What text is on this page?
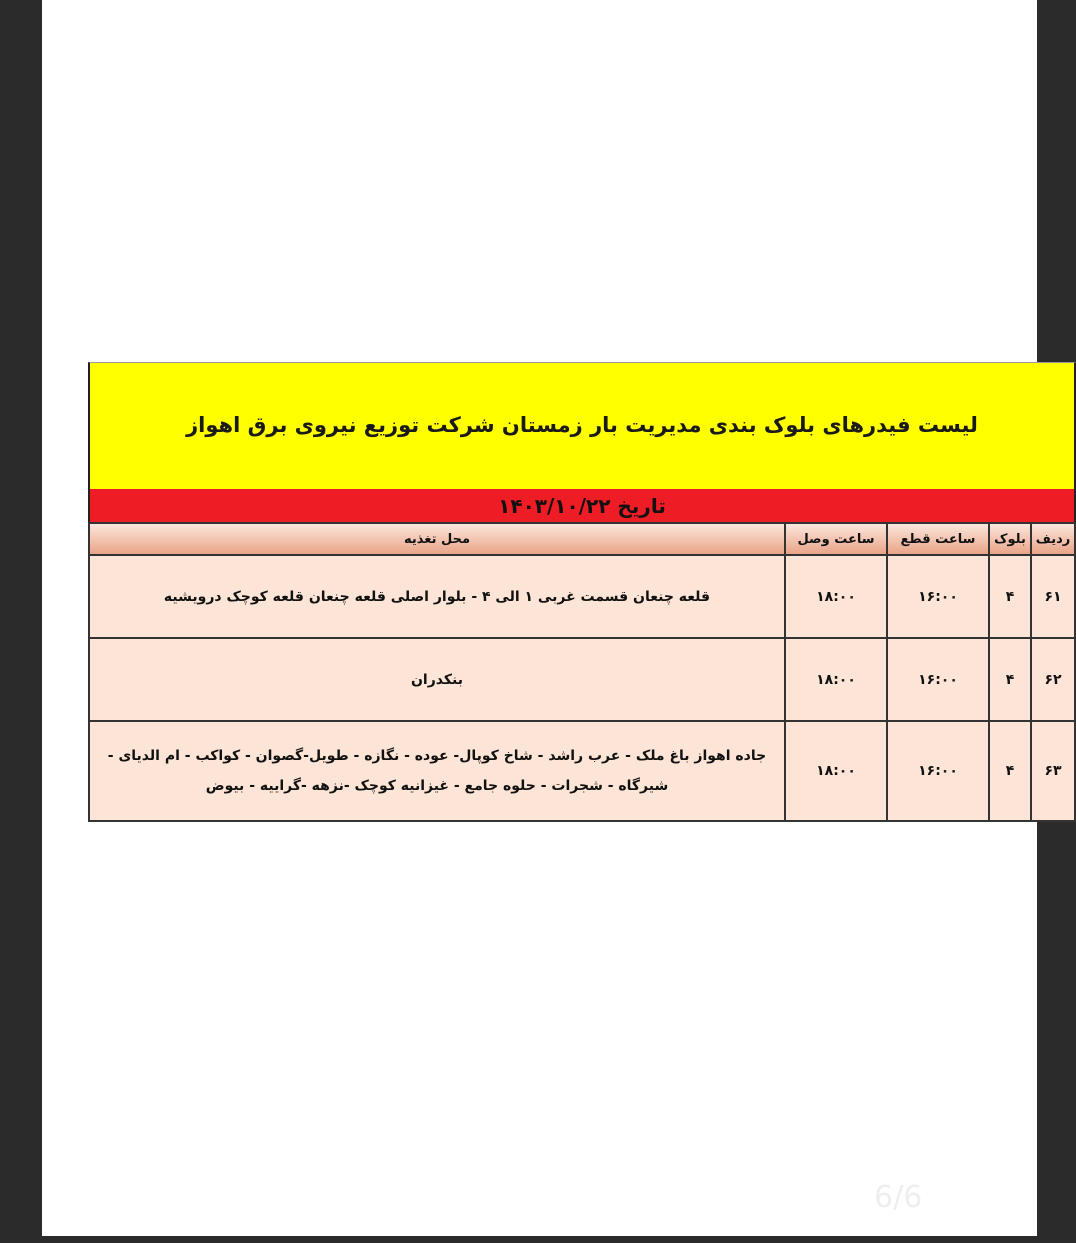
لیست فیدرهای بلوک بندی مدیریت بار زمستان شرکت توزیع نیروی برق اهواز
تاریخ ۱۴۰۳/۱۰/۲۲
ردیف	بلوک	ساعت قطع	ساعت وصل	محل تغذیه
۶۱	۴	۱۶:۰۰	۱۸:۰۰	قلعه چنعان قسمت غربی ۱ الی ۴ - بلوار اصلی قلعه چنعان قلعه کوچک درویشیه
۶۲	۴	۱۶:۰۰	۱۸:۰۰	بنکدران
۶۳	۴	۱۶:۰۰	۱۸:۰۰	جاده اهواز باغ ملک - عرب راشد - شاخ کوپال- عوده - نگازه - طویل-گصوان - کواکب - ام الدیای - شیرگاه - شجرات - حلوه جامع - غیزانیه کوچک -نزهه -گراییه - بیوض
6/6
